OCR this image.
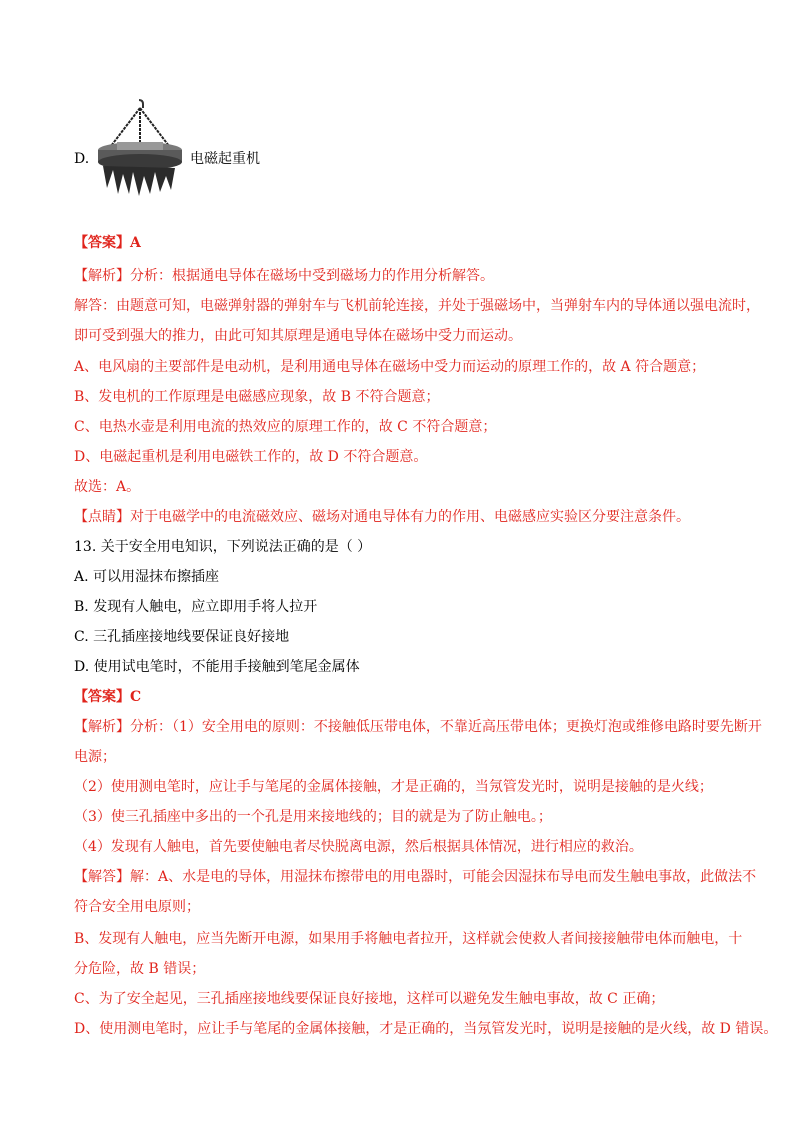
D.	电磁起重机
【答案】A
【解析】分析：根据通电导体在磁场中受到磁场力的作用分析解答。
解答：由题意可知，电磁弹射器的弹射车与飞机前轮连接，并处于强磁场中，当弹射车内的导体通以强电流时，
即可受到强大的推力，由此可知其原理是通电导体在磁场中受力而运动。
A、电风扇的主要部件是电动机，是利用通电导体在磁场中受力而运动的原理工作的，故 A 符合题意；
B、发电机的工作原理是电磁感应现象，故 B 不符合题意；
C、电热水壶是利用电流的热效应的原理工作的，故 C 不符合题意；
D、电磁起重机是利用电磁铁工作的，故 D 不符合题意。
故选：A。
【点睛】对于电磁学中的电流磁效应、磁场对通电导体有力的作用、电磁感应实验区分要注意条件。
13. 关于安全用电知识，下列说法正确的是（ ）
A. 可以用湿抹布擦插座
B. 发现有人触电，应立即用手将人拉开
C. 三孔插座接地线要保证良好接地
D. 使用试电笔时，不能用手接触到笔尾金属体
【答案】C
【解析】分析：（1）安全用电的原则：不接触低压带电体，不靠近高压带电体；更换灯泡或维修电路时要先断开
电源；
（2）使用测电笔时，应让手与笔尾的金属体接触，才是正确的，当氖管发光时，说明是接触的是火线；
（3）使三孔插座中多出的一个孔是用来接地线的；目的就是为了防止触电。；
（4）发现有人触电，首先要使触电者尽快脱离电源，然后根据具体情况，进行相应的救治。
【解答】解：A、水是电的导体，用湿抹布擦带电的用电器时，可能会因湿抹布导电而发生触电事故，此做法不
符合安全用电原则；
B、发现有人触电，应当先断开电源，如果用手将触电者拉开，这样就会使救人者间接接触带电体而触电，十
分危险，故 B 错误；
C、为了安全起见，三孔插座接地线要保证良好接地，这样可以避免发生触电事故，故 C 正确；
D、使用测电笔时，应让手与笔尾的金属体接触，才是正确的，当氖管发光时，说明是接触的是火线，故 D 错误。
